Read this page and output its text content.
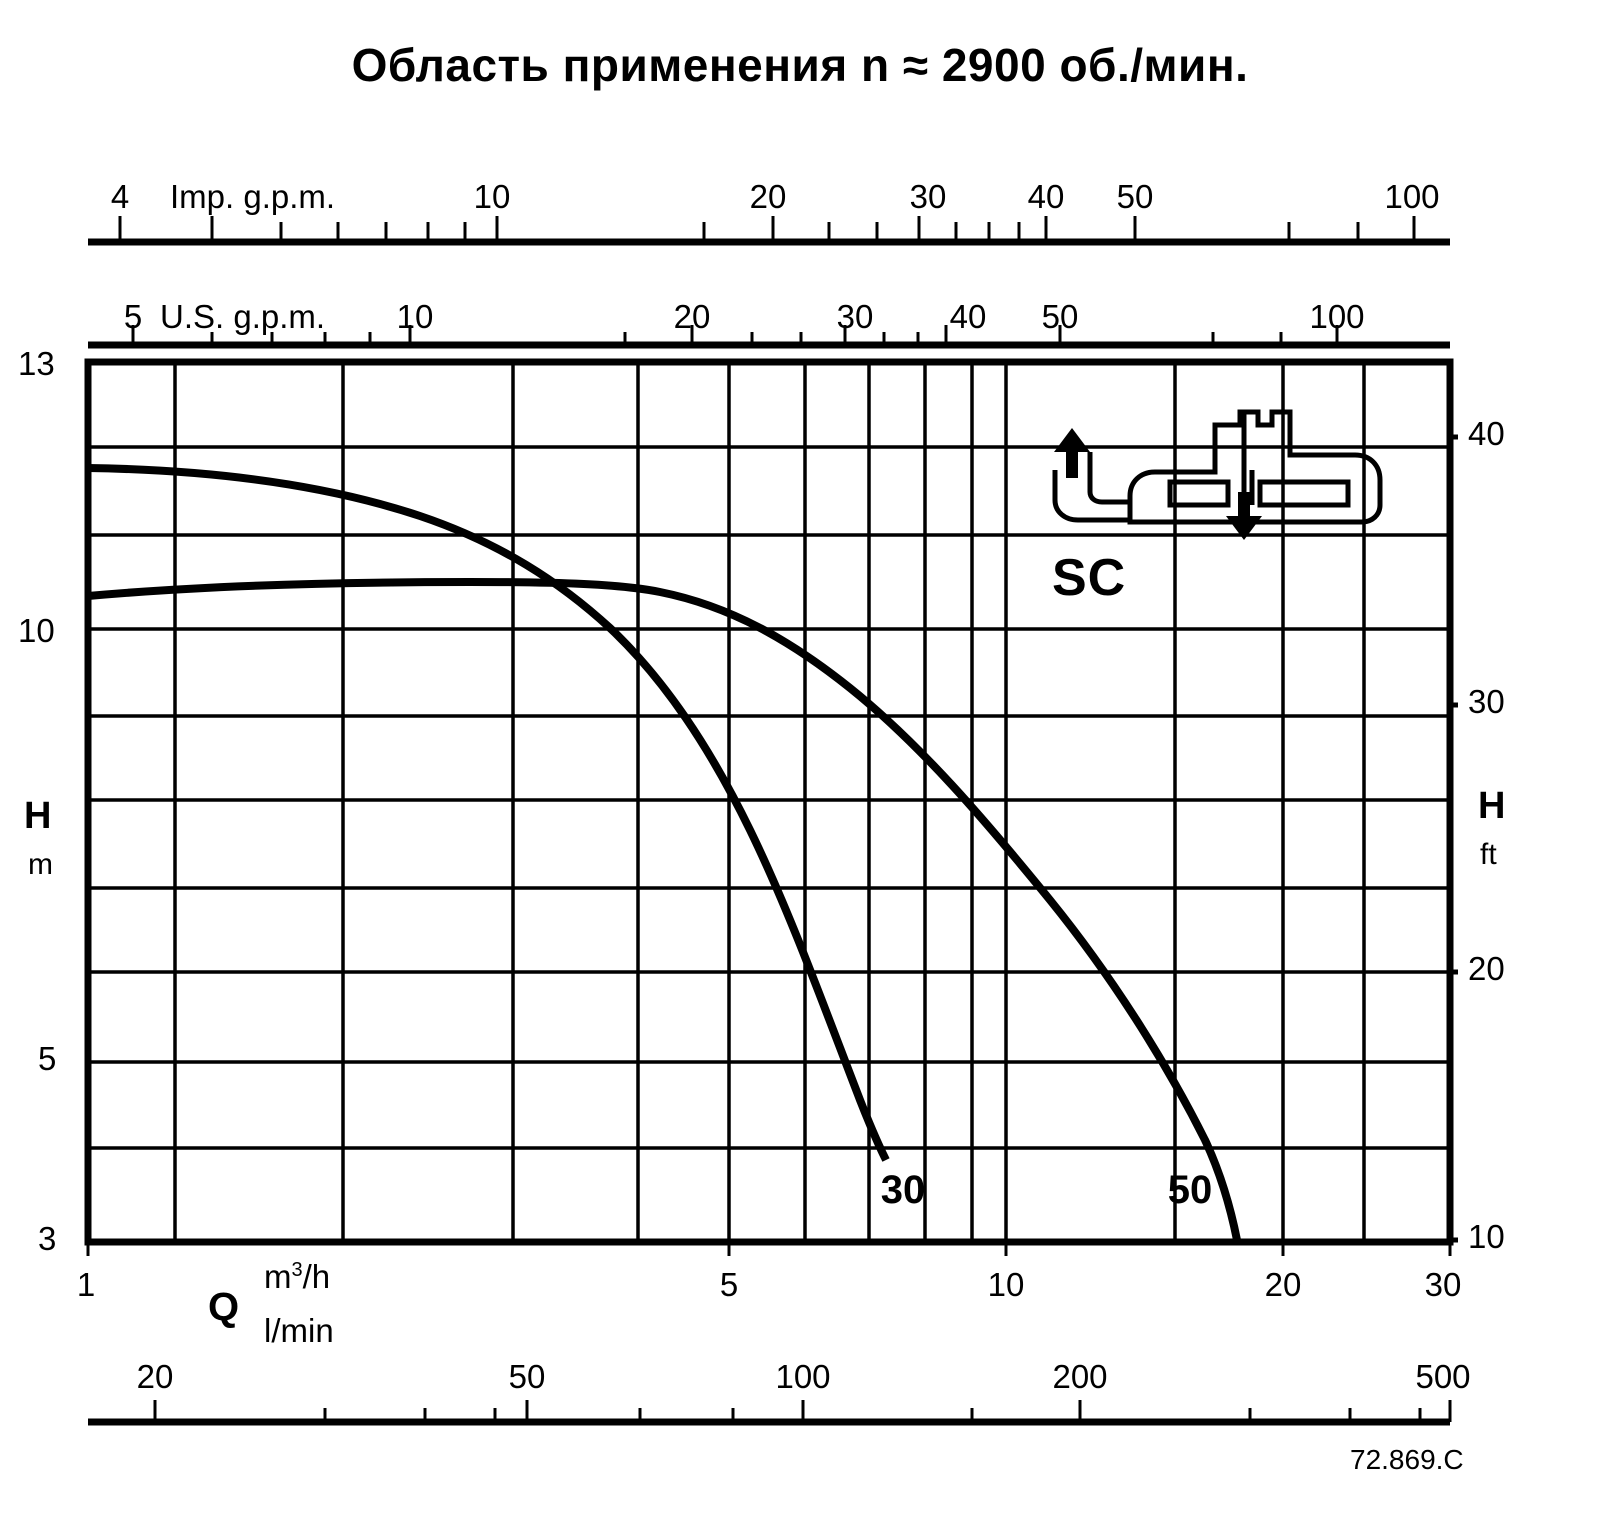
Область применения n ≈ 2900 об./мин.
4 Imp. g.p.m.	10	20	30 40 50	100
5 U.S. g.p.m. 10	20	30 40 50	100
13
10
5
3
H
m
40
30
20
10
H
ft
1	5	10	20	30
Q
$m^3/h$
l/min
20	50	100	200	500
30	50
SC
72.869.C
